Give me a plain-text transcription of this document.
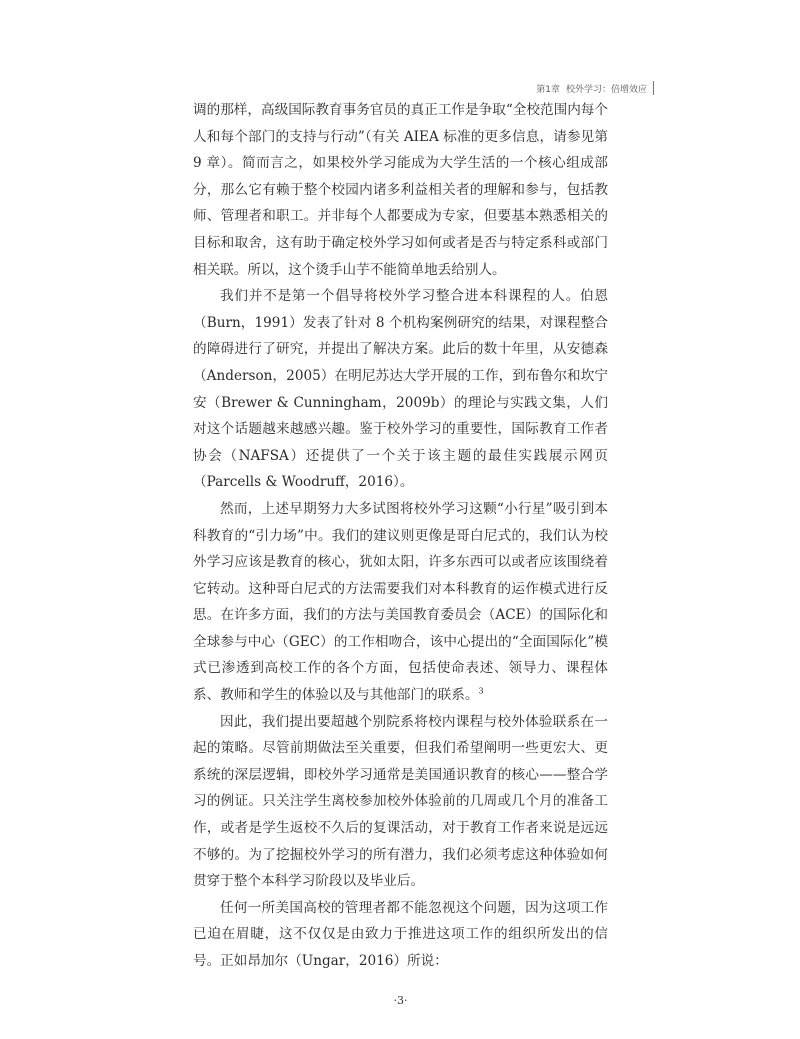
第1章 校外学习：倍增效应

调的那样，高级国际教育事务官员的真正工作是争取“全校范围内每个人和每个部门的支持与行动”（有关 AIEA 标准的更多信息，请参见第 9 章）。简而言之，如果校外学习能成为大学生活的一个核心组成部分，那么它有赖于整个校园内诸多利益相关者的理解和参与，包括教师、管理者和职工。并非每个人都要成为专家，但要基本熟悉相关的目标和取舍，这有助于确定校外学习如何或者是否与特定系科或部门相关联。所以，这个烫手山芋不能简单地丢给别人。

我们并不是第一个倡导将校外学习整合进本科课程的人。伯恩（Burn，1991）发表了针对 8 个机构案例研究的结果，对课程整合的障碍进行了研究，并提出了解决方案。此后的数十年里，从安德森（Anderson，2005）在明尼苏达大学开展的工作，到布鲁尔和坎宁安（Brewer & Cunningham，2009b）的理论与实践文集，人们对这个话题越来越感兴趣。鉴于校外学习的重要性，国际教育工作者协会（NAFSA）还提供了一个关于该主题的最佳实践展示网页（Parcells & Woodruff，2016）。

然而，上述早期努力大多试图将校外学习这颗“小行星”吸引到本科教育的“引力场”中。我们的建议则更像是哥白尼式的，我们认为校外学习应该是教育的核心，犹如太阳，许多东西可以或者应该围绕着它转动。这种哥白尼式的方法需要我们对本科教育的运作模式进行反思。在许多方面，我们的方法与美国教育委员会（ACE）的国际化和全球参与中心（GEC）的工作相吻合，该中心提出的“全面国际化”模式已渗透到高校工作的各个方面，包括使命表述、领导力、课程体系、教师和学生的体验以及与其他部门的联系。$^3$

因此，我们提出要超越个别院系将校内课程与校外体验联系在一起的策略。尽管前期做法至关重要，但我们希望阐明一些更宏大、更系统的深层逻辑，即校外学习通常是美国通识教育的核心——整合学习的例证。只关注学生离校参加校外体验前的几周或几个月的准备工作，或者是学生返校不久后的复课活动，对于教育工作者来说是远远不够的。为了挖掘校外学习的所有潜力，我们必须考虑这种体验如何贯穿于整个本科学习阶段以及毕业后。

任何一所美国高校的管理者都不能忽视这个问题，因为这项工作已迫在眉睫，这不仅仅是由致力于推进这项工作的组织所发出的信号。正如昂加尔（Ungar，2016）所说：

·3·
